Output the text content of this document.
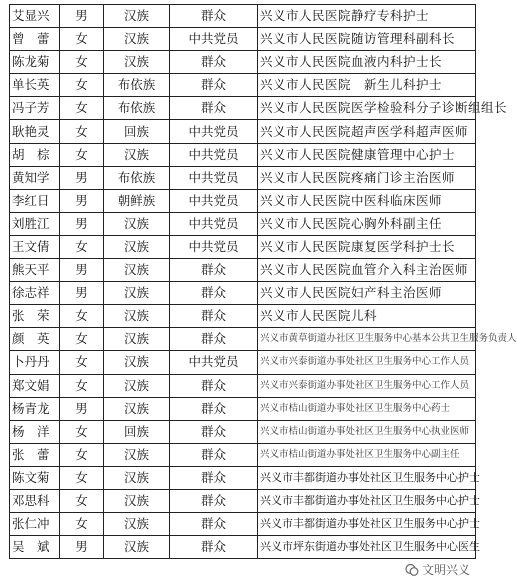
艾显兴	男	汉族	群众	兴义市人民医院静疗专科护士
曾　蕾	女	汉族	中共党员	兴义市人民医院随访管理科副科长
陈龙菊	女	汉族	群众	兴义市人民医院血液内科护士长
单长英	女	布依族	群众	兴义市人民医院　新生儿科护士
冯子芳	女	布依族	群众	兴义市人民医院医学检验科分子诊断组组长
耿艳灵	女	回族	中共党员	兴义市人民医院超声医学科超声医师
胡　棕	女	汉族	中共党员	兴义市人民医院健康管理中心护士
黄知学	男	布依族	中共党员	兴义市人民医院疼痛门诊主治医师
李红日	男	朝鲜族	中共党员	兴义市人民医院中医科临床医师
刘胜江	男	汉族	中共党员	兴义市人民医院心胸外科副主任
王文倩	女	汉族	中共党员	兴义市人民医院康复医学科护士长
熊天平	男	汉族	群众	兴义市人民医院血管介入科主治医师
徐志祥	男	汉族	群众	兴义市人民医院妇产科主治医师
张　荣	女	汉族	群众	兴义市人民医院儿科
颜　英	女	汉族	群众	兴义市黄草街道办社区卫生服务中心基本公共卫生服务负责人
卜丹丹	女	汉族	中共党员	兴义市兴泰街道办事处社区卫生服务中心工作人员
郑文娟	女	汉族	群众	兴义市兴泰街道办事处社区卫生服务中心工作人员
杨青龙	男	汉族	群众	兴义市桔山街道办事处社区卫生服务中心药士
杨　洋	女	回族	群众	兴义市桔山街道办事处社区卫生服务中心执业医师
张　蕾	女	汉族	群众	兴义市桔山街道办事处社区卫生服务中心副主任
陈文菊	女	汉族	群众	兴义市丰都街道办事处社区卫生服务中心护士
邓思科	女	汉族	群众	兴义市丰都街道办事处社区卫生服务中心护士
张仁冲	女	汉族	群众	兴义市丰都街道办事处社区卫生服务中心护士
吴　斌	男	汉族	群众	兴义市坪东街道办事处社区卫生服务中心医生
文明兴义
